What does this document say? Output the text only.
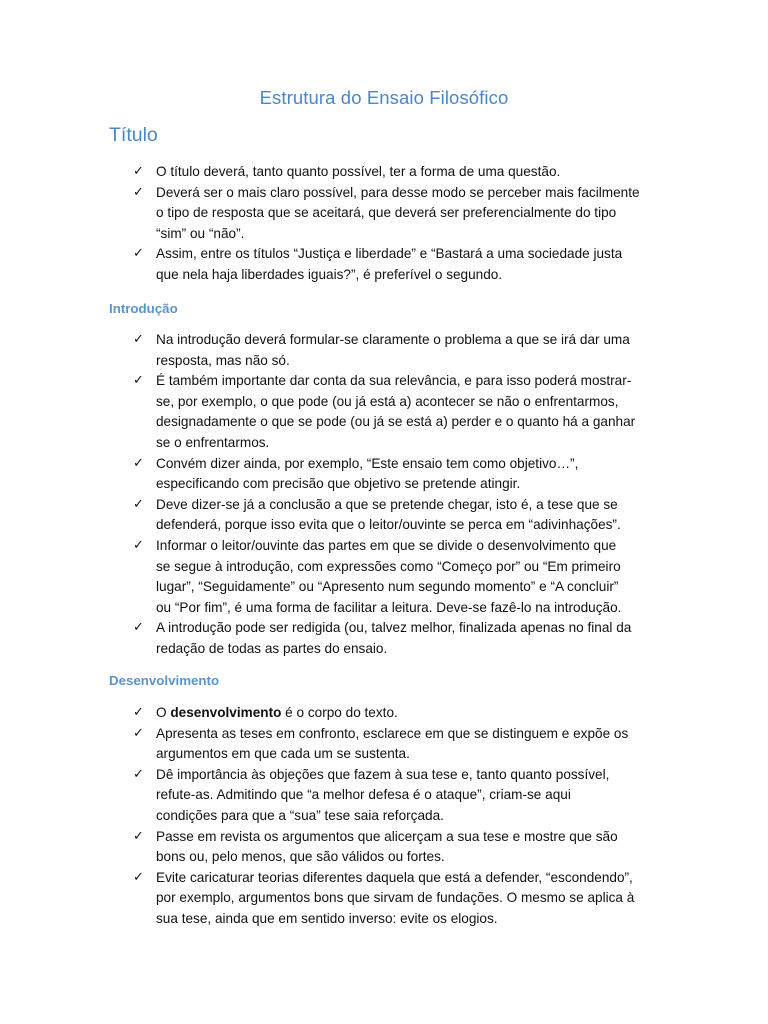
Estrutura do Ensaio Filosófico
Título
✓ O título deverá, tanto quanto possível, ter a forma de uma questão.
✓ Deverá ser o mais claro possível, para desse modo se perceber mais facilmente
o tipo de resposta que se aceitará, que deverá ser preferencialmente do tipo
“sim” ou “não”.
✓ Assim, entre os títulos “Justiça e liberdade” e “Bastará a uma sociedade justa
que nela haja liberdades iguais?”, é preferível o segundo.
Introdução
✓ Na introdução deverá formular-se claramente o problema a que se irá dar uma
resposta, mas não só.
✓ É também importante dar conta da sua relevância, e para isso poderá mostrar-
se, por exemplo, o que pode (ou já está a) acontecer se não o enfrentarmos,
designadamente o que se pode (ou já se está a) perder e o quanto há a ganhar
se o enfrentarmos.
✓ Convém dizer ainda, por exemplo, “Este ensaio tem como objetivo…”,
especificando com precisão que objetivo se pretende atingir.
✓ Deve dizer-se já a conclusão a que se pretende chegar, isto é, a tese que se
defenderá, porque isso evita que o leitor/ouvinte se perca em “adivinhações”.
✓ Informar o leitor/ouvinte das partes em que se divide o desenvolvimento que
se segue à introdução, com expressões como “Começo por” ou “Em primeiro
lugar”, “Seguidamente” ou “Apresento num segundo momento” e “A concluir”
ou “Por fim”, é uma forma de facilitar a leitura. Deve-se fazê-lo na introdução.
✓ A introdução pode ser redigida (ou, talvez melhor, finalizada apenas no final da
redação de todas as partes do ensaio.
Desenvolvimento
✓ O desenvolvimento é o corpo do texto.
✓ Apresenta as teses em confronto, esclarece em que se distinguem e expõe os
argumentos em que cada um se sustenta.
✓ Dê importância às objeções que fazem à sua tese e, tanto quanto possível,
refute-as. Admitindo que “a melhor defesa é o ataque”, criam-se aqui
condições para que a “sua” tese saia reforçada.
✓ Passe em revista os argumentos que alicerçam a sua tese e mostre que são
bons ou, pelo menos, que são válidos ou fortes.
✓ Evite caricaturar teorias diferentes daquela que está a defender, “escondendo”,
por exemplo, argumentos bons que sirvam de fundações. O mesmo se aplica à
sua tese, ainda que em sentido inverso: evite os elogios.
